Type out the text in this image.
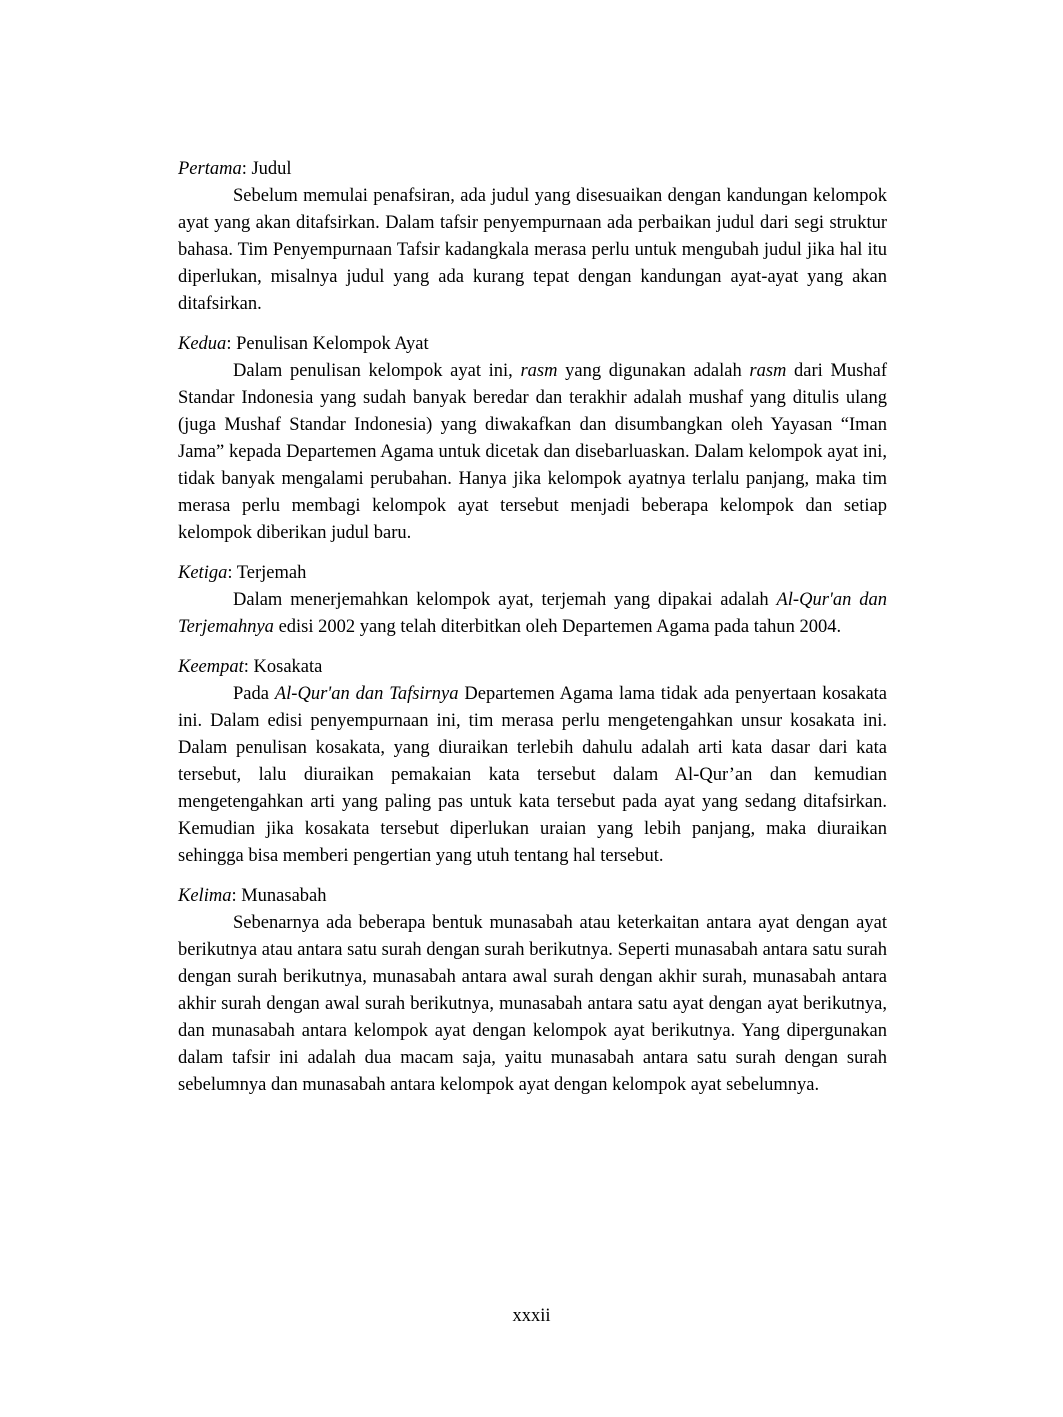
Pertama: Judul

Sebelum memulai penafsiran, ada judul yang disesuaikan dengan kandungan kelompok ayat yang akan ditafsirkan. Dalam tafsir penyempurnaan ada perbaikan judul dari segi struktur bahasa. Tim Penyempurnaan Tafsir kadangkala merasa perlu untuk mengubah judul jika hal itu diperlukan, misalnya judul yang ada kurang tepat dengan kandungan ayat-ayat yang akan ditafsirkan.

Kedua: Penulisan Kelompok Ayat

Dalam penulisan kelompok ayat ini, rasm yang digunakan adalah rasm dari Mushaf Standar Indonesia yang sudah banyak beredar dan terakhir adalah mushaf yang ditulis ulang (juga Mushaf Standar Indonesia) yang diwakafkan dan disumbangkan oleh Yayasan “Iman Jama” kepada Departemen Agama untuk dicetak dan disebarluaskan. Dalam kelompok ayat ini, tidak banyak mengalami perubahan. Hanya jika kelompok ayatnya terlalu panjang, maka tim merasa perlu membagi kelompok ayat tersebut menjadi beberapa kelompok dan setiap kelompok diberikan judul baru.

Ketiga: Terjemah

Dalam menerjemahkan kelompok ayat, terjemah yang dipakai adalah Al-Qur'an dan Terjemahnya edisi 2002 yang telah diterbitkan oleh Departemen Agama pada tahun 2004.

Keempat: Kosakata

Pada Al-Qur'an dan Tafsirnya Departemen Agama lama tidak ada penyertaan kosakata ini. Dalam edisi penyempurnaan ini, tim merasa perlu mengetengahkan unsur kosakata ini. Dalam penulisan kosakata, yang diuraikan terlebih dahulu adalah arti kata dasar dari kata tersebut, lalu diuraikan pemakaian kata tersebut dalam Al-Qur’an dan kemudian mengetengahkan arti yang paling pas untuk kata tersebut pada ayat yang sedang ditafsirkan. Kemudian jika kosakata tersebut diperlukan uraian yang lebih panjang, maka diuraikan sehingga bisa memberi pengertian yang utuh tentang hal tersebut.

Kelima: Munasabah

Sebenarnya ada beberapa bentuk munasabah atau keterkaitan antara ayat dengan ayat berikutnya atau antara satu surah dengan surah berikutnya. Seperti munasabah antara satu surah dengan surah berikutnya, munasabah antara awal surah dengan akhir surah, munasabah antara akhir surah dengan awal surah berikutnya, munasabah antara satu ayat dengan ayat berikutnya, dan munasabah antara kelompok ayat dengan kelompok ayat berikutnya. Yang dipergunakan dalam tafsir ini adalah dua macam saja, yaitu munasabah antara satu surah dengan surah sebelumnya dan munasabah antara kelompok ayat dengan kelompok ayat sebelumnya.

xxxii
